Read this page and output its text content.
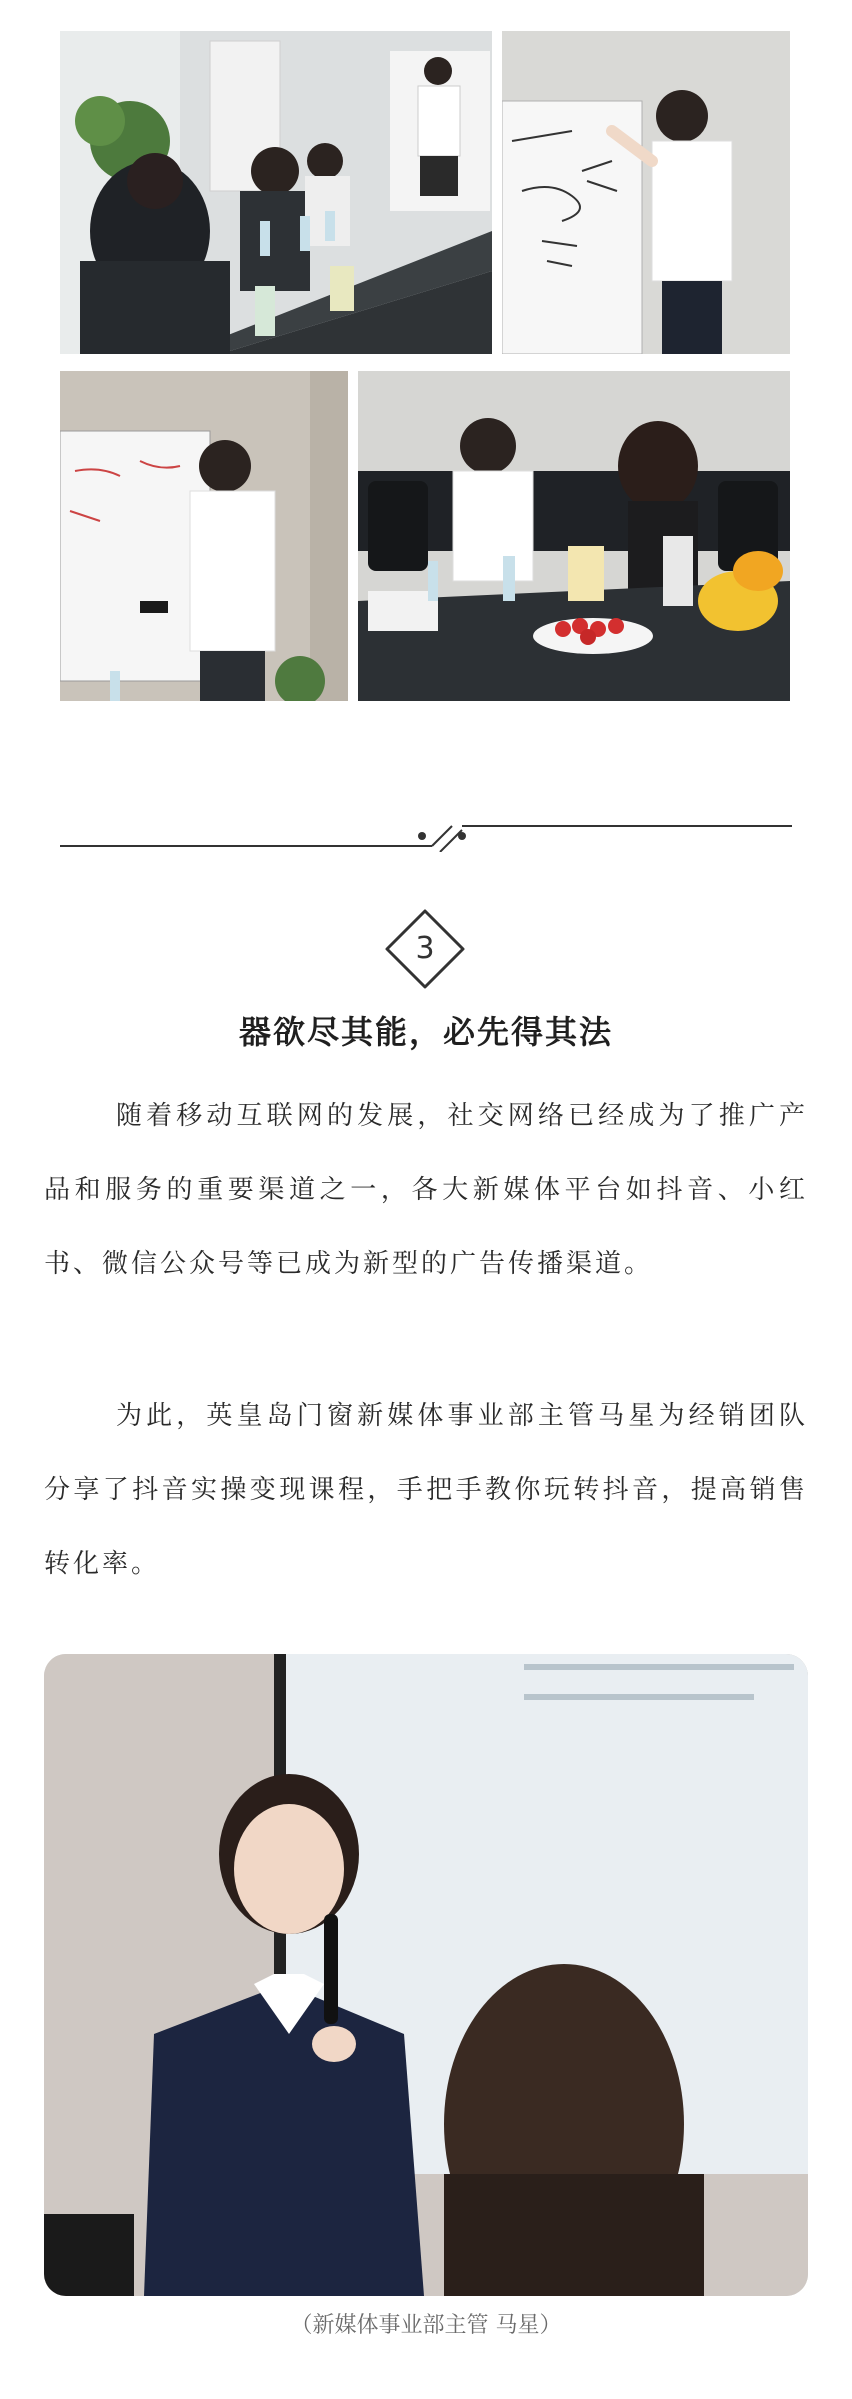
3
器欲尽其能，必先得其法
随着移动互联网的发展，社交网络已经成为了推广产品和服务的重要渠道之一，各大新媒体平台如抖音、小红书、微信公众号等已成为新型的广告传播渠道。
为此，英皇岛门窗新媒体事业部主管马星为经销团队分享了抖音实操变现课程，手把手教你玩转抖音，提高销售转化率。
（新媒体事业部主管 马星）
